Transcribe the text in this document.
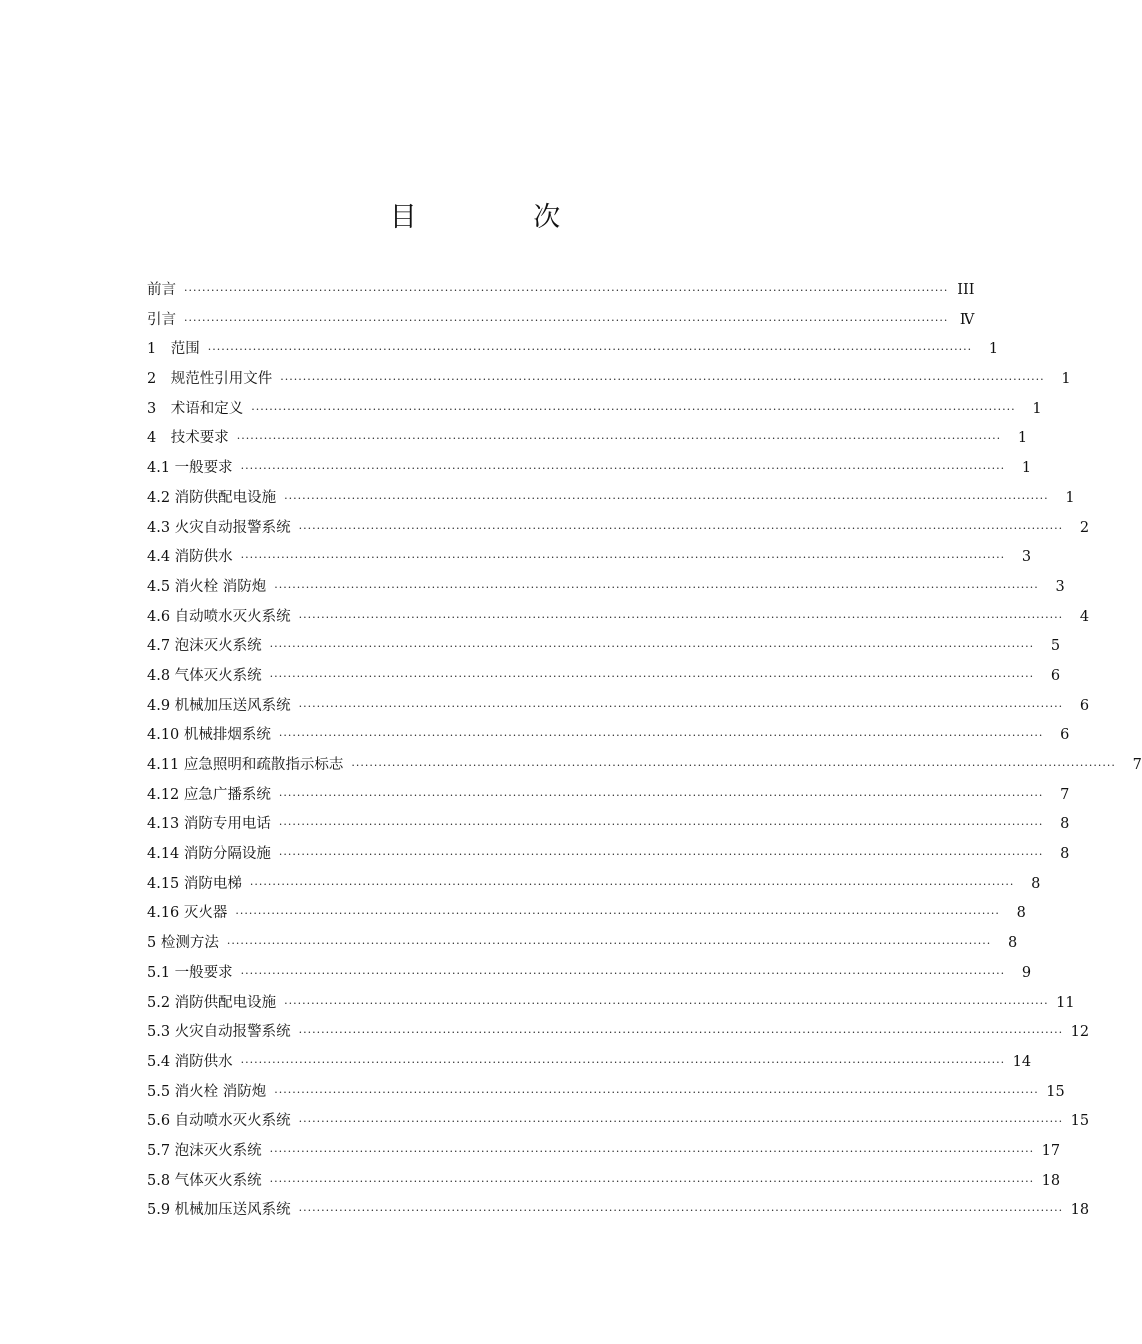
目 次
前言 ·········································································································································································· III
引言 ·········································································································································································· Ⅳ
1　范围 ··········································································································································································	1
2　规范性引用文件 ··········································································································································································	1
3　术语和定义 ··········································································································································································	1
4　技术要求 ··········································································································································································	1
4.1 一般要求 ··········································································································································································	1
4.2 消防供配电设施 ··········································································································································································	1
4.3 火灾自动报警系统 ··········································································································································································	2
4.4 消防供水 ··········································································································································································	3
4.5 消火栓 消防炮 ··········································································································································································	3
4.6 自动喷水灭火系统 ··········································································································································································	4
4.7 泡沫灭火系统 ··········································································································································································	5
4.8 气体灭火系统 ··········································································································································································	6
4.9 机械加压送风系统 ··········································································································································································	6
4.10 机械排烟系统 ··········································································································································································	6
4.11 应急照明和疏散指示标志 ··········································································································································································	7
4.12 应急广播系统 ··········································································································································································	7
4.13 消防专用电话 ··········································································································································································	8
4.14 消防分隔设施 ··········································································································································································	8
4.15 消防电梯 ··········································································································································································	8
4.16 灭火器 ··········································································································································································	8
5 检测方法 ··········································································································································································	8
5.1 一般要求 ··········································································································································································	9
5.2 消防供配电设施 ·········································································································································································· 11
5.3 火灾自动报警系统 ·········································································································································································· 12
5.4 消防供水 ·········································································································································································· 14
5.5 消火栓 消防炮 ·········································································································································································· 15
5.6 自动喷水灭火系统 ·········································································································································································· 15
5.7 泡沫灭火系统 ·········································································································································································· 17
5.8 气体灭火系统 ·········································································································································································· 18
5.9 机械加压送风系统 ·········································································································································································· 18
